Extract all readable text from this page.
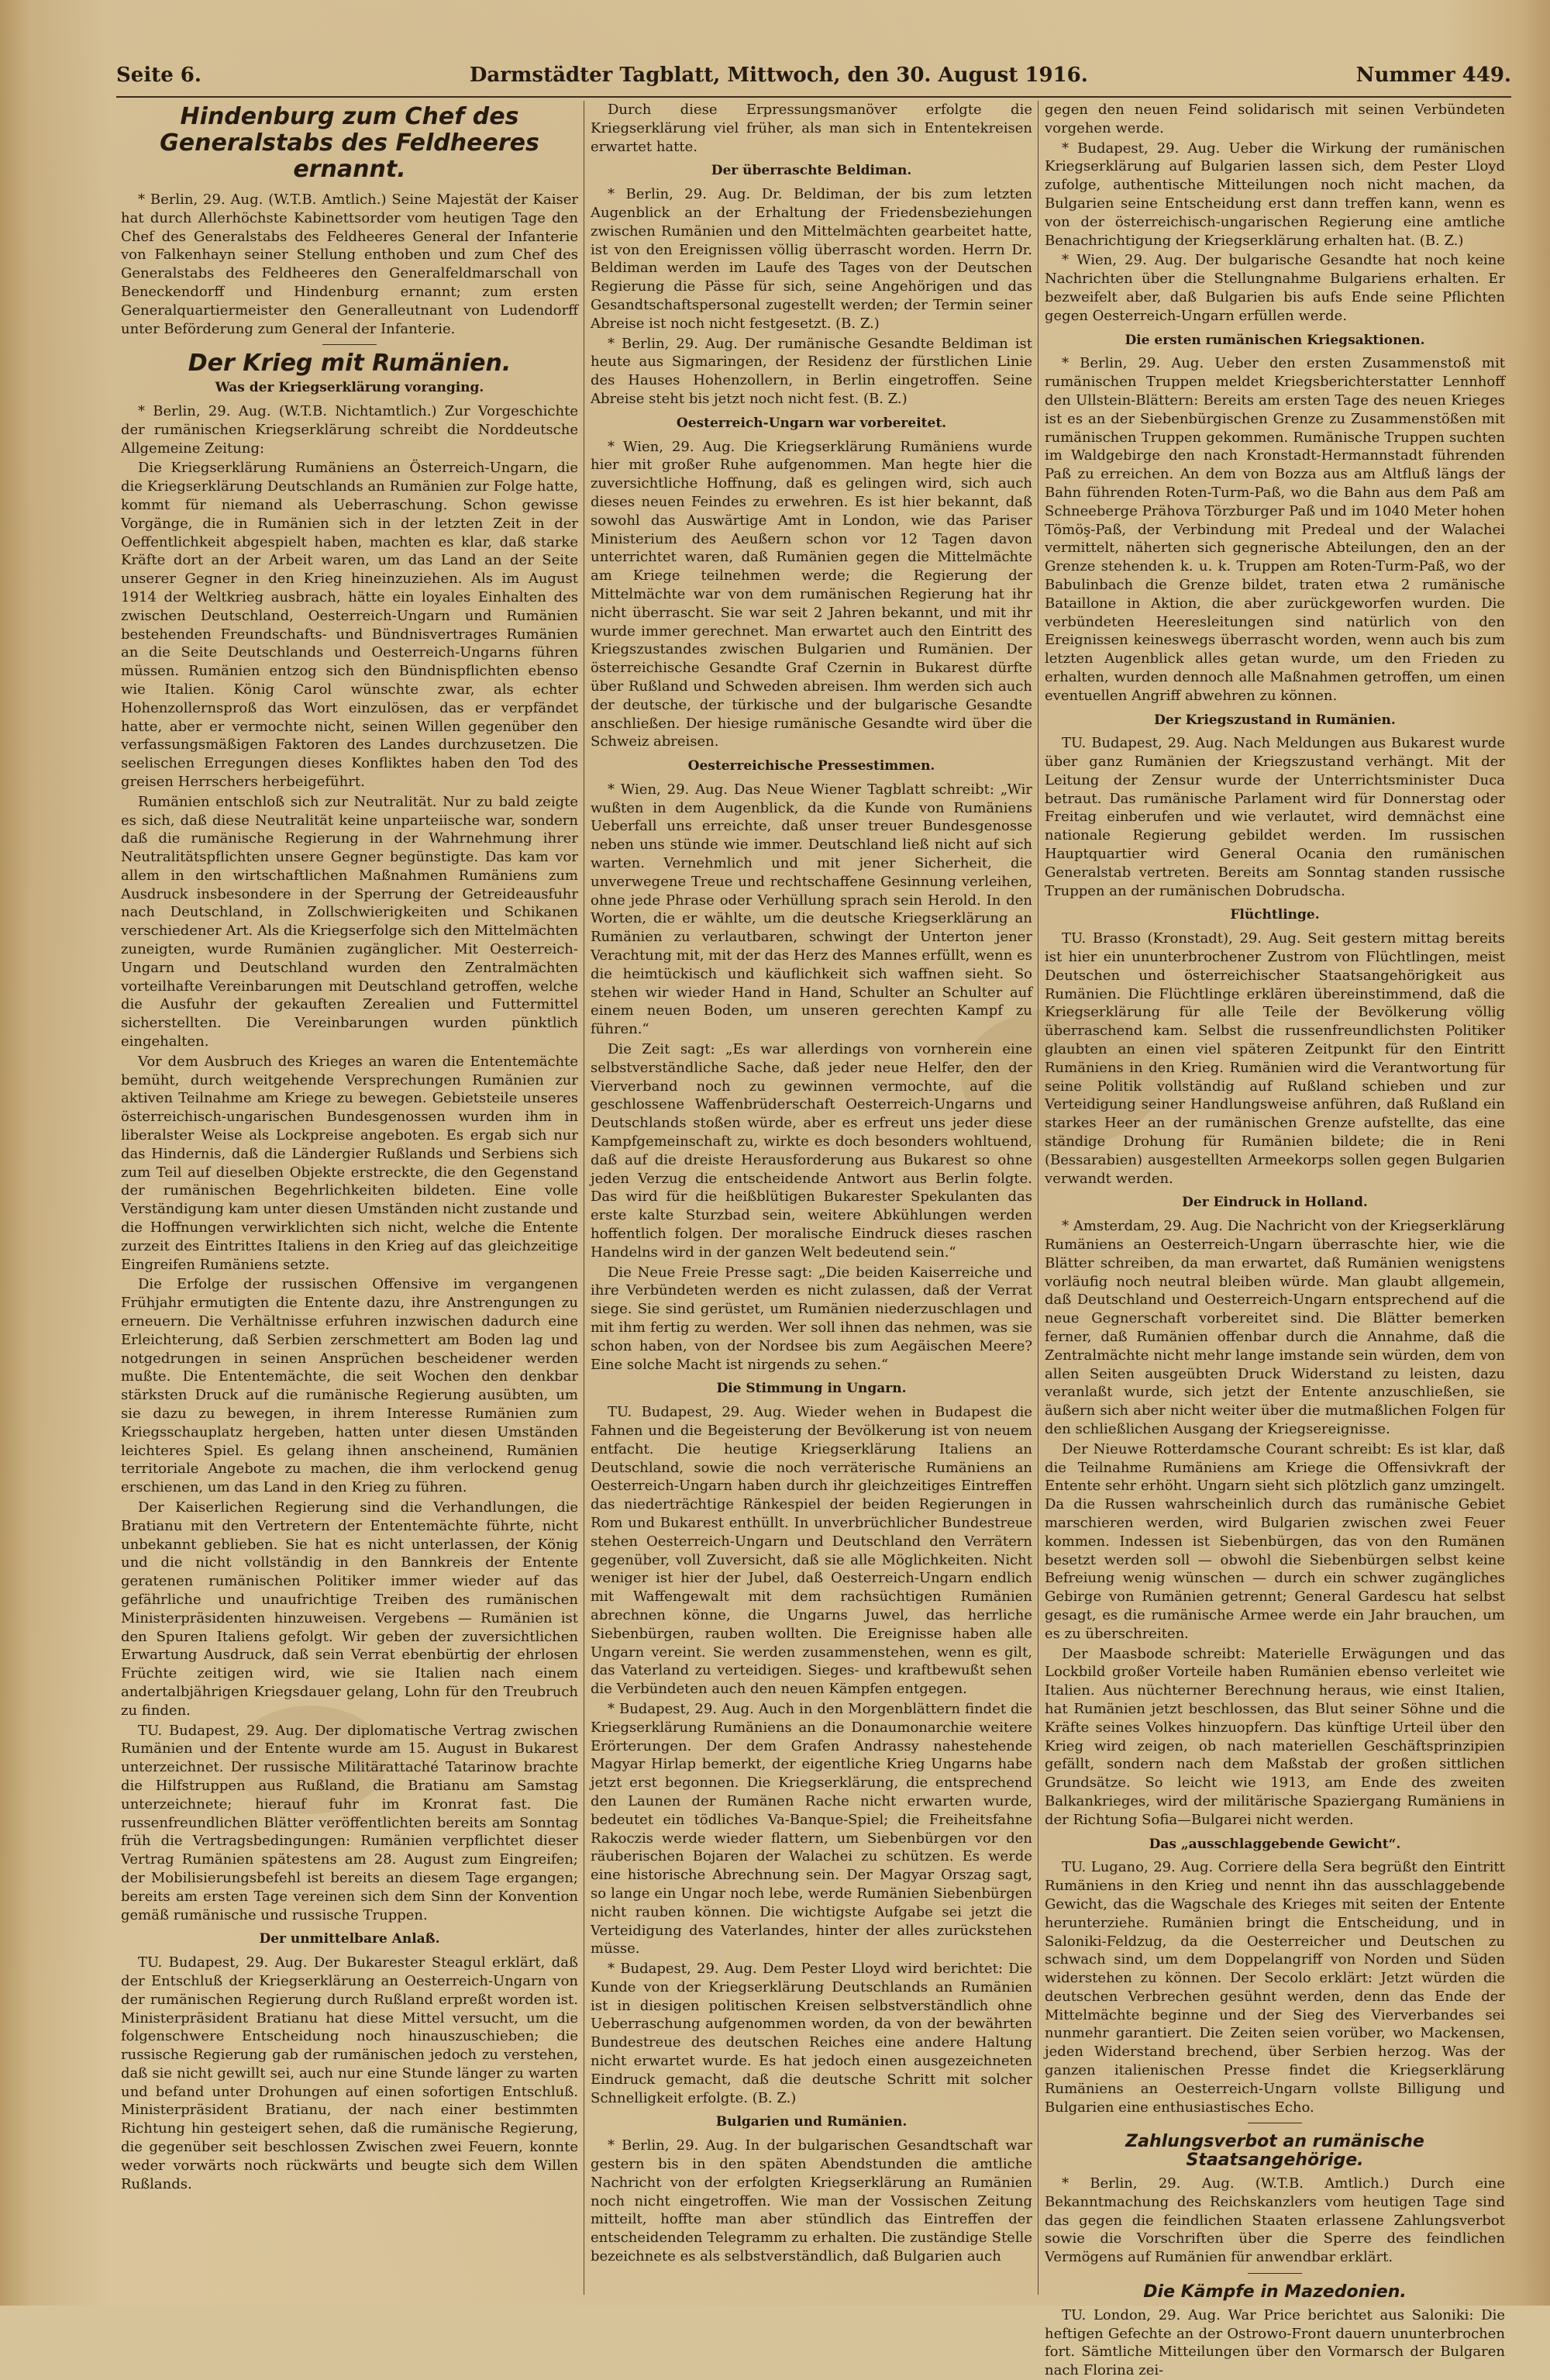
Seite 6.	Darmstädter Tagblatt, Mittwoch, den 30. August 1916.	Nummer 449.
Hindenburg zum Chef des Generalstabs des Feldheeres ernannt.

* Berlin, 29. Aug. (W.T.B. Amtlich.) Seine Majestät der Kaiser hat durch Allerhöchste Kabinettsorder vom heutigen Tage den Chef des Generalstabs des Feldheeres General der Infanterie von Falkenhayn seiner Stellung enthoben und zum Chef des Generalstabs des Feldheeres den Generalfeldmarschall von Beneckendorff und Hindenburg ernannt; zum ersten Generalquartiermeister den Generalleutnant von Ludendorff unter Beförderung zum General der Infanterie.

Der Krieg mit Rumänien.
Was der Kriegserklärung voranging.

* Berlin, 29. Aug. (W.T.B. Nichtamtlich.) Zur Vorgeschichte der rumänischen Kriegserklärung schreibt die Norddeutsche Allgemeine Zeitung:

Die Kriegserklärung Rumäniens an Österreich-Ungarn, die die Kriegserklärung Deutschlands an Rumänien zur Folge hatte, kommt für niemand als Ueberraschung. Schon gewisse Vorgänge, die in Rumänien sich in der letzten Zeit in der Oeffentlichkeit abgespielt haben, machten es klar, daß starke Kräfte dort an der Arbeit waren, um das Land an der Seite unserer Gegner in den Krieg hineinzuziehen. Als im August 1914 der Weltkrieg ausbrach, hätte ein loyales Einhalten des zwischen Deutschland, Oesterreich-Ungarn und Rumänien bestehenden Freundschafts- und Bündnisvertrages Rumänien an die Seite Deutschlands und Oesterreich-Ungarns führen müssen. Rumänien entzog sich den Bündnispflichten ebenso wie Italien. König Carol wünschte zwar, als echter Hohenzollernsproß das Wort einzulösen, das er verpfändet hatte, aber er vermochte nicht, seinen Willen gegenüber den verfassungsmäßigen Faktoren des Landes durchzusetzen. Die seelischen Erregungen dieses Konfliktes haben den Tod des greisen Herrschers herbeigeführt.

Rumänien entschloß sich zur Neutralität. Nur zu bald zeigte es sich, daß diese Neutralität keine unparteiische war, sondern daß die rumänische Regierung in der Wahrnehmung ihrer Neutralitätspflichten unsere Gegner begünstigte. Das kam vor allem in den wirtschaftlichen Maßnahmen Rumäniens zum Ausdruck insbesondere in der Sperrung der Getreideausfuhr nach Deutschland, in Zollschwierigkeiten und Schikanen verschiedener Art. Als die Kriegserfolge sich den Mittelmächten zuneigten, wurde Rumänien zugänglicher. Mit Oesterreich-Ungarn und Deutschland wurden den Zentralmächten vorteilhafte Vereinbarungen mit Deutschland getroffen, welche die Ausfuhr der gekauften Zerealien und Futtermittel sicherstellten. Die Vereinbarungen wurden pünktlich eingehalten.

Vor dem Ausbruch des Krieges an waren die Ententemächte bemüht, durch weitgehende Versprechungen Rumänien zur aktiven Teilnahme am Kriege zu bewegen. Gebietsteile unseres österreichisch-ungarischen Bundesgenossen wurden ihm in liberalster Weise als Lockpreise angeboten. Es ergab sich nur das Hindernis, daß die Ländergier Rußlands und Serbiens sich zum Teil auf dieselben Objekte erstreckte, die den Gegenstand der rumänischen Begehrlichkeiten bildeten. Eine volle Verständigung kam unter diesen Umständen nicht zustande und die Hoffnungen verwirklichten sich nicht, welche die Entente zurzeit des Eintrittes Italiens in den Krieg auf das gleichzeitige Eingreifen Rumäniens setzte.

Die Erfolge der russischen Offensive im vergangenen Frühjahr ermutigten die Entente dazu, ihre Anstrengungen zu erneuern. Die Verhältnisse erfuhren inzwischen dadurch eine Erleichterung, daß Serbien zerschmettert am Boden lag und notgedrungen in seinen Ansprüchen bescheidener werden mußte. Die Ententemächte, die seit Wochen den denkbar stärksten Druck auf die rumänische Regierung ausübten, um sie dazu zu bewegen, in ihrem Interesse Rumänien zum Kriegsschauplatz hergeben, hatten unter diesen Umständen leichteres Spiel. Es gelang ihnen anscheinend, Rumänien territoriale Angebote zu machen, die ihm verlockend genug erschienen, um das Land in den Krieg zu führen.

Der Kaiserlichen Regierung sind die Verhandlungen, die Bratianu mit den Vertretern der Ententemächte führte, nicht unbekannt geblieben. Sie hat es nicht unterlassen, der König und die nicht vollständig in den Bannkreis der Entente geratenen rumänischen Politiker immer wieder auf das gefährliche und unaufrichtige Treiben des rumänischen Ministerpräsidenten hinzuweisen. Vergebens — Rumänien ist den Spuren Italiens gefolgt. Wir geben der zuversichtlichen Erwartung Ausdruck, daß sein Verrat ebenbürtig der ehrlosen Früchte zeitigen wird, wie sie Italien nach einem andertalbjährigen Kriegsdauer gelang, Lohn für den Treubruch zu finden.

TU. Budapest, 29. Aug. Der diplomatische Vertrag zwischen Rumänien und der Entente wurde am 15. August in Bukarest unterzeichnet. Der russische Militärattaché Tatarinow brachte die Hilfstruppen aus Rußland, die Bratianu am Samstag unterzeichnete; hierauf fuhr im Kronrat fast. Die russenfreundlichen Blätter veröffentlichten bereits am Sonntag früh die Vertragsbedingungen: Rumänien verpflichtet dieser Vertrag Rumänien spätestens am 28. August zum Eingreifen; der Mobilisierungsbefehl ist bereits an diesem Tage ergangen; bereits am ersten Tage vereinen sich dem Sinn der Konvention gemäß rumänische und russische Truppen.

Der unmittelbare Anlaß.

TU. Budapest, 29. Aug. Der Bukarester Steagul erklärt, daß der Entschluß der Kriegserklärung an Oesterreich-Ungarn von der rumänischen Regierung durch Rußland erpreßt worden ist. Ministerpräsident Bratianu hat diese Mittel versucht, um die folgenschwere Entscheidung noch hinauszuschieben; die russische Regierung gab der rumänischen jedoch zu verstehen, daß sie nicht gewillt sei, auch nur eine Stunde länger zu warten und befand unter Drohungen auf einen sofortigen Entschluß. Ministerpräsident Bratianu, der nach einer bestimmten Richtung hin gesteigert sehen, daß die rumänische Regierung, die gegenüber seit beschlossen Zwischen zwei Feuern, konnte weder vorwärts noch rückwärts und beugte sich dem Willen Rußlands.

Durch diese Erpressungsmanöver erfolgte die Kriegserklärung viel früher, als man sich in Ententekreisen erwartet hatte.

Der überraschte Beldiman.

* Berlin, 29. Aug. Dr. Beldiman, der bis zum letzten Augenblick an der Erhaltung der Friedensbeziehungen zwischen Rumänien und den Mittelmächten gearbeitet hatte, ist von den Ereignissen völlig überrascht worden. Herrn Dr. Beldiman werden im Laufe des Tages von der Deutschen Regierung die Pässe für sich, seine Angehörigen und das Gesandtschaftspersonal zugestellt werden; der Termin seiner Abreise ist noch nicht festgesetzt. (B. Z.)

* Berlin, 29. Aug. Der rumänische Gesandte Beldiman ist heute aus Sigmaringen, der Residenz der fürstlichen Linie des Hauses Hohenzollern, in Berlin eingetroffen. Seine Abreise steht bis jetzt noch nicht fest. (B. Z.)

Oesterreich-Ungarn war vorbereitet.

* Wien, 29. Aug. Die Kriegserklärung Rumäniens wurde hier mit großer Ruhe aufgenommen. Man hegte hier die zuversichtliche Hoffnung, daß es gelingen wird, sich auch dieses neuen Feindes zu erwehren. Es ist hier bekannt, daß sowohl das Auswärtige Amt in London, wie das Pariser Ministerium des Aeußern schon vor 12 Tagen davon unterrichtet waren, daß Rumänien gegen die Mittelmächte am Kriege teilnehmen werde; die Regierung der Mittelmächte war von dem rumänischen Regierung hat ihr nicht überrascht. Sie war seit 2 Jahren bekannt, und mit ihr wurde immer gerechnet. Man erwartet auch den Eintritt des Kriegszustandes zwischen Bulgarien und Rumänien. Der österreichische Gesandte Graf Czernin in Bukarest dürfte über Rußland und Schweden abreisen. Ihm werden sich auch der deutsche, der türkische und der bulgarische Gesandte anschließen. Der hiesige rumänische Gesandte wird über die Schweiz abreisen.

Oesterreichische Pressestimmen.

* Wien, 29. Aug. Das Neue Wiener Tagblatt schreibt: „Wir wußten in dem Augenblick, da die Kunde von Rumäniens Ueberfall uns erreichte, daß unser treuer Bundesgenosse neben uns stünde wie immer. Deutschland ließ nicht auf sich warten. Vernehmlich und mit jener Sicherheit, die unverwegene Treue und rechtschaffene Gesinnung verleihen, ohne jede Phrase oder Verhüllung sprach sein Herold. In den Worten, die er wählte, um die deutsche Kriegserklärung an Rumänien zu verlautbaren, schwingt der Unterton jener Verachtung mit, mit der das Herz des Mannes erfüllt, wenn es die heimtückisch und käuflichkeit sich waffnen sieht. So stehen wir wieder Hand in Hand, Schulter an Schulter auf einem neuen Boden, um unseren gerechten Kampf zu führen.“

Die Zeit sagt: „Es war allerdings von vornherein eine selbstverständliche Sache, daß jeder neue Helfer, den der Vierverband noch zu gewinnen vermochte, auf die geschlossene Waffenbrüderschaft Oesterreich-Ungarns und Deutschlands stoßen würde, aber es erfreut uns jeder diese Kampfgemeinschaft zu, wirkte es doch besonders wohltuend, daß auf die dreiste Herausforderung aus Bukarest so ohne jeden Verzug die entscheidende Antwort aus Berlin folgte. Das wird für die heißblütigen Bukarester Spekulanten das erste kalte Sturzbad sein, weitere Abkühlungen werden hoffentlich folgen. Der moralische Eindruck dieses raschen Handelns wird in der ganzen Welt bedeutend sein.“

Die Neue Freie Presse sagt: „Die beiden Kaiserreiche und ihre Verbündeten werden es nicht zulassen, daß der Verrat siege. Sie sind gerüstet, um Rumänien niederzuschlagen und mit ihm fertig zu werden. Wer soll ihnen das nehmen, was sie schon haben, von der Nordsee bis zum Aegäischen Meere? Eine solche Macht ist nirgends zu sehen.“

Die Stimmung in Ungarn.

TU. Budapest, 29. Aug. Wieder wehen in Budapest die Fahnen und die Begeisterung der Bevölkerung ist von neuem entfacht. Die heutige Kriegserklärung Italiens an Deutschland, sowie die noch verräterische Rumäniens an Oesterreich-Ungarn haben durch ihr gleichzeitiges Eintreffen das niederträchtige Ränkespiel der beiden Regierungen in Rom und Bukarest enthüllt. In unverbrüchlicher Bundestreue stehen Oesterreich-Ungarn und Deutschland den Verrätern gegenüber, voll Zuversicht, daß sie alle Möglichkeiten. Nicht weniger ist hier der Jubel, daß Oesterreich-Ungarn endlich mit Waffengewalt mit dem rachsüchtigen Rumänien abrechnen könne, die Ungarns Juwel, das herrliche Siebenbürgen, rauben wollten. Die Ereignisse haben alle Ungarn vereint. Sie werden zusammenstehen, wenn es gilt, das Vaterland zu verteidigen. Sieges- und kraftbewußt sehen die Verbündeten auch den neuen Kämpfen entgegen.

* Budapest, 29. Aug. Auch in den Morgenblättern findet die Kriegserklärung Rumäniens an die Donaumonarchie weitere Erörterungen. Der dem Grafen Andrassy nahestehende Magyar Hirlap bemerkt, der eigentliche Krieg Ungarns habe jetzt erst begonnen. Die Kriegserklärung, die entsprechend den Launen der Rumänen Rache nicht erwarten wurde, bedeutet ein tödliches Va-Banque-Spiel; die Freiheitsfahne Rakoczis werde wieder flattern, um Siebenbürgen vor den räuberischen Bojaren der Walachei zu schützen. Es werde eine historische Abrechnung sein. Der Magyar Orszag sagt, so lange ein Ungar noch lebe, werde Rumänien Siebenbürgen nicht rauben können. Die wichtigste Aufgabe sei jetzt die Verteidigung des Vaterlandes, hinter der alles zurückstehen müsse.

* Budapest, 29. Aug. Dem Pester Lloyd wird berichtet: Die Kunde von der Kriegserklärung Deutschlands an Rumänien ist in diesigen politischen Kreisen selbstverständlich ohne Ueberraschung aufgenommen worden, da von der bewährten Bundestreue des deutschen Reiches eine andere Haltung nicht erwartet wurde. Es hat jedoch einen ausgezeichneten Eindruck gemacht, daß die deutsche Schritt mit solcher Schnelligkeit erfolgte. (B. Z.)

Bulgarien und Rumänien.

* Berlin, 29. Aug. In der bulgarischen Gesandtschaft war gestern bis in den späten Abendstunden die amtliche Nachricht von der erfolgten Kriegserklärung an Rumänien noch nicht eingetroffen. Wie man der Vossischen Zeitung mitteilt, hoffte man aber stündlich das Eintreffen der entscheidenden Telegramm zu erhalten. Die zuständige Stelle bezeichnete es als selbstverständlich, daß Bulgarien auch

gegen den neuen Feind solidarisch mit seinen Verbündeten vorgehen werde.

* Budapest, 29. Aug. Ueber die Wirkung der rumänischen Kriegserklärung auf Bulgarien lassen sich, dem Pester Lloyd zufolge, authentische Mitteilungen noch nicht machen, da Bulgarien seine Entscheidung erst dann treffen kann, wenn es von der österreichisch-ungarischen Regierung eine amtliche Benachrichtigung der Kriegserklärung erhalten hat. (B. Z.)

* Wien, 29. Aug. Der bulgarische Gesandte hat noch keine Nachrichten über die Stellungnahme Bulgariens erhalten. Er bezweifelt aber, daß Bulgarien bis aufs Ende seine Pflichten gegen Oesterreich-Ungarn erfüllen werde.

Die ersten rumänischen Kriegsaktionen.

* Berlin, 29. Aug. Ueber den ersten Zusammenstoß mit rumänischen Truppen meldet Kriegsberichterstatter Lennhoff den Ullstein-Blättern: Bereits am ersten Tage des neuen Krieges ist es an der Siebenbürgischen Grenze zu Zusammenstößen mit rumänischen Truppen gekommen. Rumänische Truppen suchten im Waldgebirge den nach Kronstadt-Hermannstadt führenden Paß zu erreichen. An dem von Bozza aus am Altfluß längs der Bahn führenden Roten-Turm-Paß, wo die Bahn aus dem Paß am Schneeberge Prähova Törzburger Paß und im 1040 Meter hohen Tömöş-Paß, der Verbindung mit Predeal und der Walachei vermittelt, näherten sich gegnerische Abteilungen, den an der Grenze stehenden k. u. k. Truppen am Roten-Turm-Paß, wo der Babulinbach die Grenze bildet, traten etwa 2 rumänische Bataillone in Aktion, die aber zurückgeworfen wurden. Die verbündeten Heeresleitungen sind natürlich von den Ereignissen keineswegs überrascht worden, wenn auch bis zum letzten Augenblick alles getan wurde, um den Frieden zu erhalten, wurden dennoch alle Maßnahmen getroffen, um einen eventuellen Angriff abwehren zu können.

Der Kriegszustand in Rumänien.

TU. Budapest, 29. Aug. Nach Meldungen aus Bukarest wurde über ganz Rumänien der Kriegszustand verhängt. Mit der Leitung der Zensur wurde der Unterrichtsminister Duca betraut. Das rumänische Parlament wird für Donnerstag oder Freitag einberufen und wie verlautet, wird demnächst eine nationale Regierung gebildet werden. Im russischen Hauptquartier wird General Ocania den rumänischen Generalstab vertreten. Bereits am Sonntag standen russische Truppen an der rumänischen Dobrudscha.

Flüchtlinge.

TU. Brasso (Kronstadt), 29. Aug. Seit gestern mittag bereits ist hier ein ununterbrochener Zustrom von Flüchtlingen, meist Deutschen und österreichischer Staatsangehörigkeit aus Rumänien. Die Flüchtlinge erklären übereinstimmend, daß die Kriegserklärung für alle Teile der Bevölkerung völlig überraschend kam. Selbst die russenfreundlichsten Politiker glaubten an einen viel späteren Zeitpunkt für den Eintritt Rumäniens in den Krieg. Rumänien wird die Verantwortung für seine Politik vollständig auf Rußland schieben und zur Verteidigung seiner Handlungsweise anführen, daß Rußland ein starkes Heer an der rumänischen Grenze aufstellte, das eine ständige Drohung für Rumänien bildete; die in Reni (Bessarabien) ausgestellten Armeekorps sollen gegen Bulgarien verwandt werden.

Der Eindruck in Holland.

* Amsterdam, 29. Aug. Die Nachricht von der Kriegserklärung Rumäniens an Oesterreich-Ungarn überraschte hier, wie die Blätter schreiben, da man erwartet, daß Rumänien wenigstens vorläufig noch neutral bleiben würde. Man glaubt allgemein, daß Deutschland und Oesterreich-Ungarn entsprechend auf die neue Gegnerschaft vorbereitet sind. Die Blätter bemerken ferner, daß Rumänien offenbar durch die Annahme, daß die Zentralmächte nicht mehr lange imstande sein würden, dem von allen Seiten ausgeübten Druck Widerstand zu leisten, dazu veranlaßt wurde, sich jetzt der Entente anzuschließen, sie äußern sich aber nicht weiter über die mutmaßlichen Folgen für den schließlichen Ausgang der Kriegsereignisse.

Der Nieuwe Rotterdamsche Courant schreibt: Es ist klar, daß die Teilnahme Rumäniens am Kriege die Offensivkraft der Entente sehr erhöht. Ungarn sieht sich plötzlich ganz umzingelt. Da die Russen wahrscheinlich durch das rumänische Gebiet marschieren werden, wird Bulgarien zwischen zwei Feuer kommen. Indessen ist Siebenbürgen, das von den Rumänen besetzt werden soll — obwohl die Siebenbürgen selbst keine Befreiung wenig wünschen — durch ein schwer zugängliches Gebirge von Rumänien getrennt; General Gardescu hat selbst gesagt, es die rumänische Armee werde ein Jahr brauchen, um es zu überschreiten.

Der Maasbode schreibt: Materielle Erwägungen und das Lockbild großer Vorteile haben Rumänien ebenso verleitet wie Italien. Aus nüchterner Berechnung heraus, wie einst Italien, hat Rumänien jetzt beschlossen, das Blut seiner Söhne und die Kräfte seines Volkes hinzuopfern. Das künftige Urteil über den Krieg wird zeigen, ob nach materiellen Geschäftsprinzipien gefällt, sondern nach dem Maßstab der großen sittlichen Grundsätze. So leicht wie 1913, am Ende des zweiten Balkankrieges, wird der militärische Spaziergang Rumäniens in der Richtung Sofia—Bulgarei nicht werden.

Das „ausschlaggebende Gewicht“.

TU. Lugano, 29. Aug. Corriere della Sera begrüßt den Eintritt Rumäniens in den Krieg und nennt ihn das ausschlaggebende Gewicht, das die Wagschale des Krieges mit seiten der Entente herunterziehe. Rumänien bringt die Entscheidung, und in Saloniki-Feldzug, da die Oesterreicher und Deutschen zu schwach sind, um dem Doppelangriff von Norden und Süden widerstehen zu können. Der Secolo erklärt: Jetzt würden die deutschen Verbrechen gesühnt werden, denn das Ende der Mittelmächte beginne und der Sieg des Vierverbandes sei nunmehr garantiert. Die Zeiten seien vorüber, wo Mackensen, jeden Widerstand brechend, über Serbien herzog. Was der ganzen italienischen Presse findet die Kriegserklärung Rumäniens an Oesterreich-Ungarn vollste Billigung und Bulgarien eine enthusiastisches Echo.

Zahlungsverbot an rumänische Staatsangehörige.

* Berlin, 29. Aug. (W.T.B. Amtlich.) Durch eine Bekanntmachung des Reichskanzlers vom heutigen Tage sind das gegen die feindlichen Staaten erlassene Zahlungsverbot sowie die Vorschriften über die Sperre des feindlichen Vermögens auf Rumänien für anwendbar erklärt.

Die Kämpfe in Mazedonien.

TU. London, 29. Aug. War Price berichtet aus Saloniki: Die heftigen Gefechte an der Ostrowo-Front dauern ununterbrochen fort. Sämtliche Mitteilungen über den Vormarsch der Bulgaren nach Florina zei-
